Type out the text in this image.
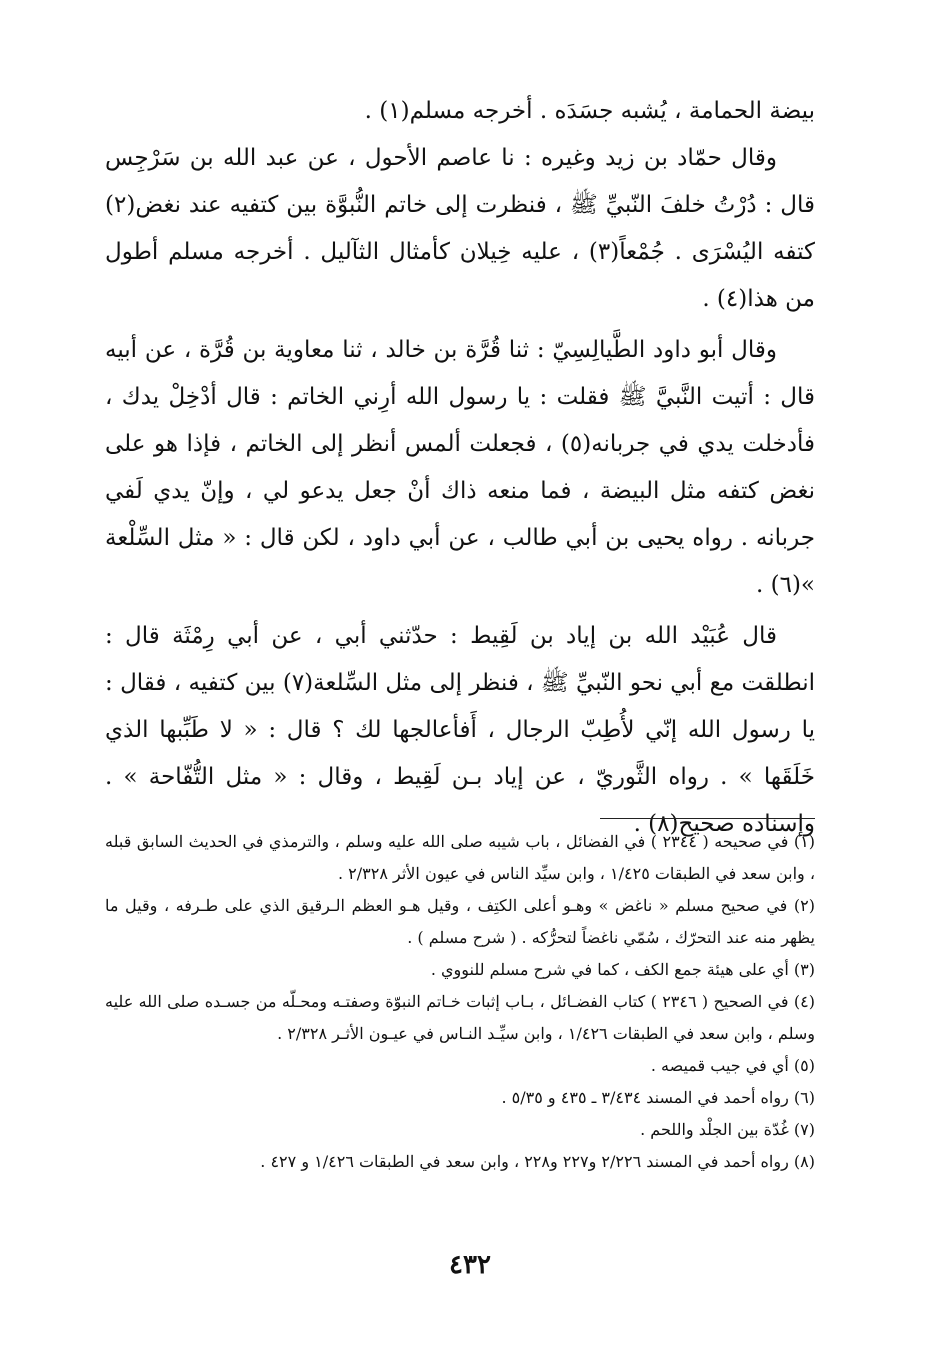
بيضة الحمامة ، يُشبه جسَدَه . أخرجه مسلم(١) .

وقال حمّاد بن زيد وغيره : نا عاصم الأحول ، عن عبد الله بن سَرْجِس قال : دُرْتُ خلفَ النّبيِّ ﷺ ، فنظرت إلى خاتم النُّبوَّة بين كتفيه عند نغض(٢) كتفه اليُسْرَى . جُمْعاً(٣) ، عليه خِيلان كأمثال الثآليل . أخرجه مسلم أطول من هذا(٤) .

وقال أبو داود الطَّيالِسِيّ : ثنا قُرَّة بن خالد ، ثنا معاوية بن قُرَّة ، عن أبيه قال : أتيت النَّبيَّ ﷺ فقلت : يا رسول الله أرِني الخاتم : قال أدْخِلْ يدك ، فأدخلت يدي في جربانه(٥) ، فجعلت ألمس أنظر إلى الخاتم ، فإذا هو على نغض كتفه مثل البيضة ، فما منعه ذاك أنْ جعل يدعو لي ، وإنّ يدي لَفي جربانه . رواه يحيى بن أبي طالب ، عن أبي داود ، لكن قال : « مثل السِّلْعة »(٦) .

قال عُبَيْد الله بن إياد بن لَقِيط : حدّثني أبي ، عن أبي رِمْثَة قال : انطلقت مع أبي نحو النّبيِّ ﷺ ، فنظر إلى مثل السِّلعة(٧) بين كتفيه ، فقال : يا رسول الله إنّي لأُطِبّ الرجال ، أَفأعالجها لك ؟ قال : « لا طَبِّبها الذي خَلَقَها » . رواه الثَّوريّ ، عن إياد بـن لَقِيط ، وقال : « مثل التُّفّاحة » . وإسناده صحيح(٨) .

(١) في صحيحه ( ٢٣٤٤ ) في الفضائل ، باب شيبه صلى الله عليه وسلم ، والترمذي في الحديث السابق قبله ، وابن سعد في الطبقات ١/٤٢٥ ، وابن سيِّد الناس في عيون الأثر ٢/٣٢٨ .

(٢) في صحيح مسلم « ناغض » وهـو أعلى الكتِف ، وقيل هـو العظم الـرقيق الذي على طـرفه ، وقيل ما يظهر منه عند التحرّك ، سُمّي ناغضاً لتحرُّكه . ( شرح مسلم ) .

(٣) أي على هيئة جمع الكف ، كما في شرح مسلم للنووي .

(٤) في الصحيح ( ٢٣٤٦ ) كتاب الفضـائل ، بـاب إثبات خـاتم النبوّة وصفتـه ومحـلّه من جسـده صلى الله عليه وسلم ، وابن سعد في الطبقات ١/٤٢٦ ، وابن سيِّـد النـاس في عيـون الأثـر ٢/٣٢٨ .

(٥) أي في جيب قميصه .

(٦) رواه أحمد في المسند ٣/٤٣٤ ـ ٤٣٥ و ٥/٣٥ .

(٧) غُدّة بين الجلْد واللحم .

(٨) رواه أحمد في المسند ٢/٢٢٦ و٢٢٧ و٢٢٨ ، وابن سعد في الطبقات ١/٤٢٦ و ٤٢٧ .

٤٣٢
